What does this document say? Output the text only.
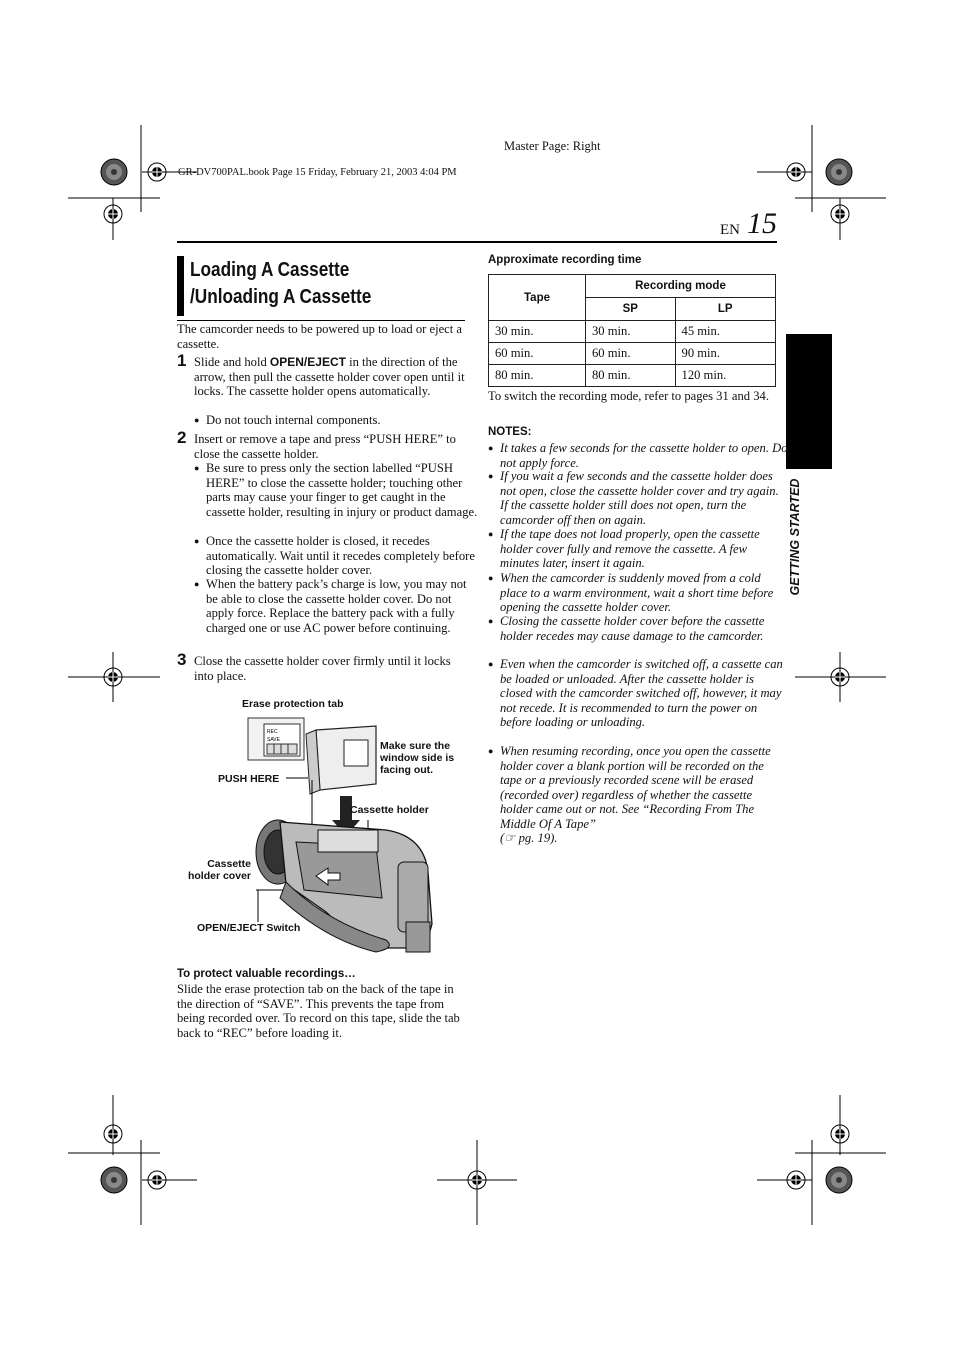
Master Page: Right
GR-DV700PAL.book Page 15 Friday, February 21, 2003 4:04 PM
EN 15
GETTING STARTED
Loading A Cassette
/Unloading A Cassette
The camcorder needs to be powered up to load or eject a cassette.
1 Slide and hold OPEN/EJECT in the direction of the arrow, then pull the cassette holder cover open until it locks. The cassette holder opens automatically.
● Do not touch internal components.
2 Insert or remove a tape and press “PUSH HERE” to close the cassette holder.
● Be sure to press only the section labelled “PUSH HERE” to close the cassette holder; touching other parts may cause your finger to get caught in the cassette holder, resulting in injury or product damage.
● Once the cassette holder is closed, it recedes automatically. Wait until it recedes completely before closing the cassette holder cover.
● When the battery pack’s charge is low, you may not be able to close the cassette holder cover. Do not apply force. Replace the battery pack with a fully charged one or use AC power before continuing.
3 Close the cassette holder cover firmly until it locks into place.
Erase protection tab
REC
SAVE	Make sure the
window side is
facing out.
PUSH HERE
Cassette holder
Cassette
holder cover
OPEN/EJECT Switch
To protect valuable recordings…
Slide the erase protection tab on the back of the tape in the direction of “SAVE”. This prevents the tape from being recorded over. To record on this tape, slide the tab back to “REC” before loading it.
Approximate recording time
Tape	Recording mode	
	SP	LP
30 min.	30 min.	45 min.
60 min.	60 min.	90 min.
80 min.	80 min.	120 min.
To switch the recording mode, refer to pages 31 and 34.
NOTES:
● It takes a few seconds for the cassette holder to open. Do not apply force.
● If you wait a few seconds and the cassette holder does not open, close the cassette holder cover and try again. If the cassette holder still does not open, turn the camcorder off then on again.
● If the tape does not load properly, open the cassette holder cover fully and remove the cassette. A few minutes later, insert it again.
● When the camcorder is suddenly moved from a cold place to a warm environment, wait a short time before opening the cassette holder cover.
● Closing the cassette holder cover before the cassette holder recedes may cause damage to the camcorder.
● Even when the camcorder is switched off, a cassette can be loaded or unloaded. After the cassette holder is closed with the camcorder switched off, however, it may not recede. It is recommended to turn the power on before loading or unloading.
● When resuming recording, once you open the cassette holder cover a blank portion will be recorded on the tape or a previously recorded scene will be erased (recorded over) regardless of whether the cassette holder came out or not. See “Recording From The Middle Of A Tape”
(☞ pg. 19).
